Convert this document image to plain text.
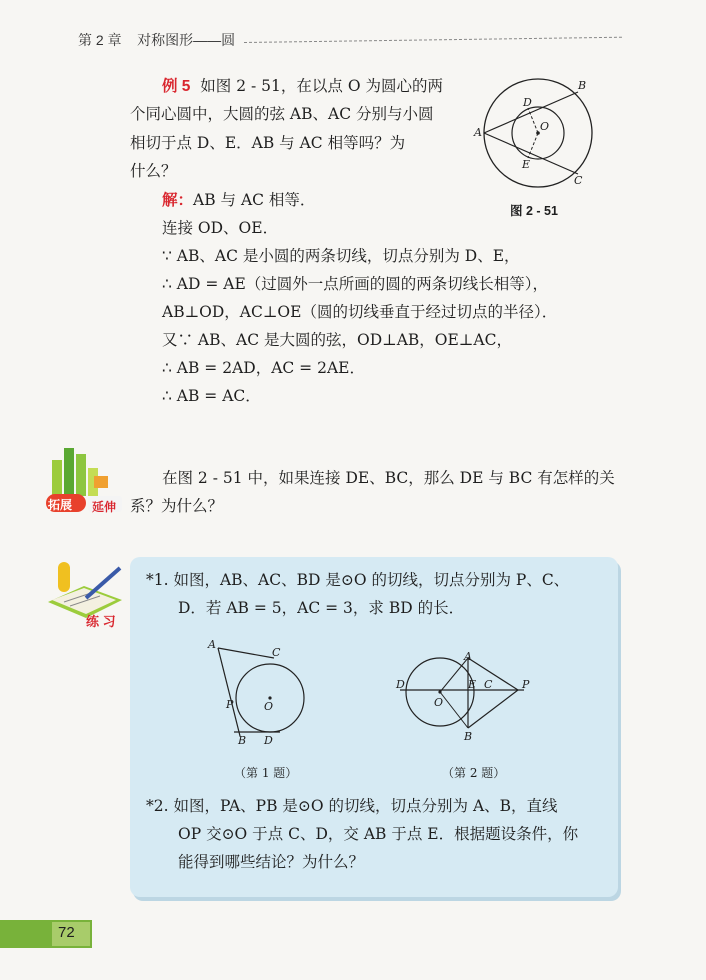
第 2 章 对称图形——圆
例 5 如图 2 - 51，在以点 O 为圆心的两
个同心圆中，大圆的弦 AB、AC 分别与小圆
相切于点 D、E．AB 与 AC 相等吗？为
什么？
解：AB 与 AC 相等．
连接 OD、OE．
∵ AB、AC 是小圆的两条切线，切点分别为 D、E，
∴ AD = AE（过圆外一点所画的圆的两条切线长相等），
AB⊥OD，AC⊥OE（圆的切线垂直于经过切点的半径）．
又∵ AB、AC 是大圆的弦，OD⊥AB，OE⊥AC，
∴ AB = 2AD，AC = 2AE．
∴ AB = AC．
A
B
C
D
E
O
图 2 - 51
拓展 延伸
在图 2 - 51 中，如果连接 DE、BC，那么 DE 与 BC 有怎样的关
系？为什么？
练 习
*1. 如图，AB、AC、BD 是⊙O 的切线，切点分别为 P、C、
D．若 AB = 5，AC = 3，求 BD 的长．
A
B
C
D
P	O
（第 1 题）
A
B
C
D	E
O
P
（第 2 题）
*2. 如图，PA、PB 是⊙O 的切线，切点分别为 A、B，直线
OP 交⊙O 于点 C、D，交 AB 于点 E．根据题设条件，你
能得到哪些结论？为什么？
72
